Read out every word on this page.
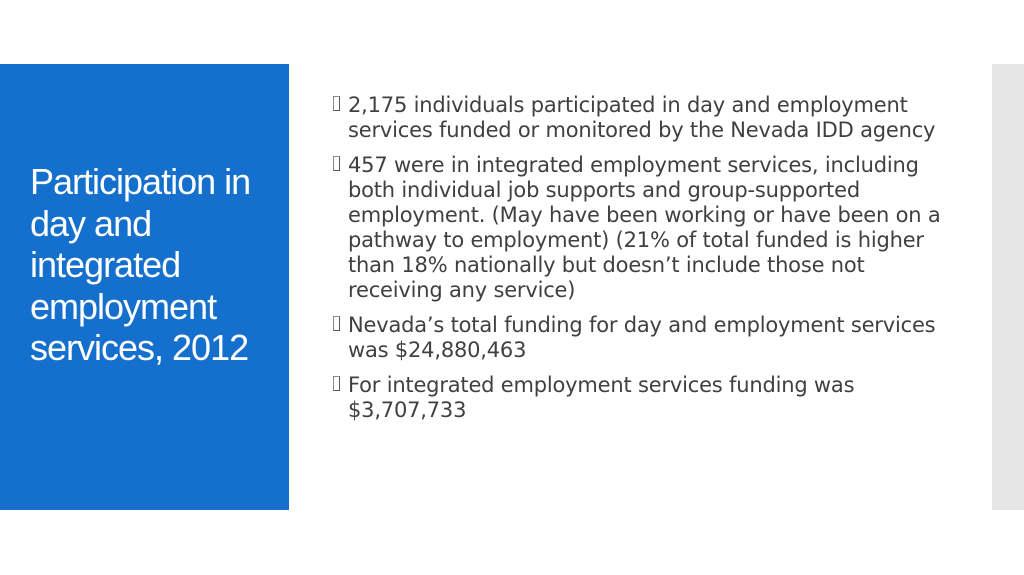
Participation in day and integrated employment services, 2012
2,175 individuals participated in day and employment services funded or monitored by the Nevada IDD agency
457 were in integrated employment services, including both individual job supports and group-supported employment. (May have been working or have been on a pathway to employment) (21% of total funded is higher than 18% nationally but doesn’t include those not receiving any service)
Nevada’s total funding for day and employment services was $24,880,463
For integrated employment services funding was $3,707,733
